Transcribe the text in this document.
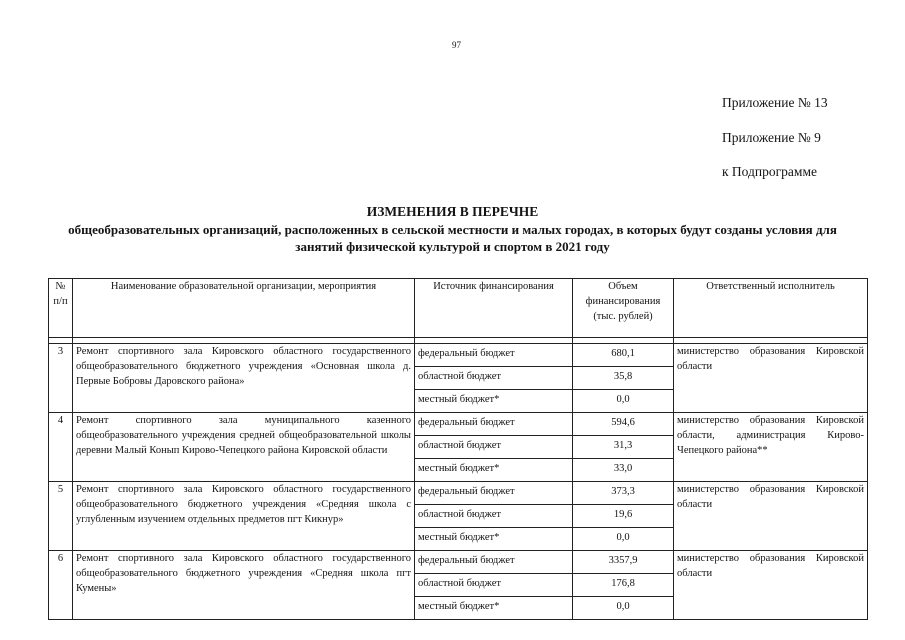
97
Приложение № 13
Приложение № 9
к Подпрограмме
ИЗМЕНЕНИЯ В ПЕРЕЧНЕ
общеобразовательных организаций, расположенных в сельской местности и малых городах, в которых будут созданы условия для занятий физической культурой и спортом в 2021 году
№ п/п	Наименование образовательной организации, мероприятия	Источник финансирования	Объем финансирования (тыс. рублей)	Ответственный исполнитель

3	Ремонт спортивного зала Кировского областного государственного общеобразовательного бюджетного учреждения «Основная школа д. Первые Бобровы Даровского района»	федеральный бюджет	680,1	министерство образования Кировской области
		областной бюджет	35,8	
		местный бюджет*	0,0	
4	Ремонт спортивного зала муниципального казенного общеобразовательного учреждения средней общеобразовательной школы деревни Малый Конып Кирово-Чепецкого района Кировской области	федеральный бюджет	594,6	министерство образования Кировской области, администрация Кирово-Чепецкого района**
		областной бюджет	31,3	
		местный бюджет*	33,0	
5	Ремонт спортивного зала Кировского областного государственного общеобразовательного бюджетного учреждения «Средняя школа с углубленным изучением отдельных предметов пгт Кикнур»	федеральный бюджет	373,3	министерство образования Кировской области
		областной бюджет	19,6	
		местный бюджет*	0,0	
6	Ремонт спортивного зала Кировского областного государственного общеобразовательного бюджетного учреждения «Средняя школа пгт Кумены»	федеральный бюджет	3357,9	министерство образования Кировской области
		областной бюджет	176,8	
		местный бюджет*	0,0	
